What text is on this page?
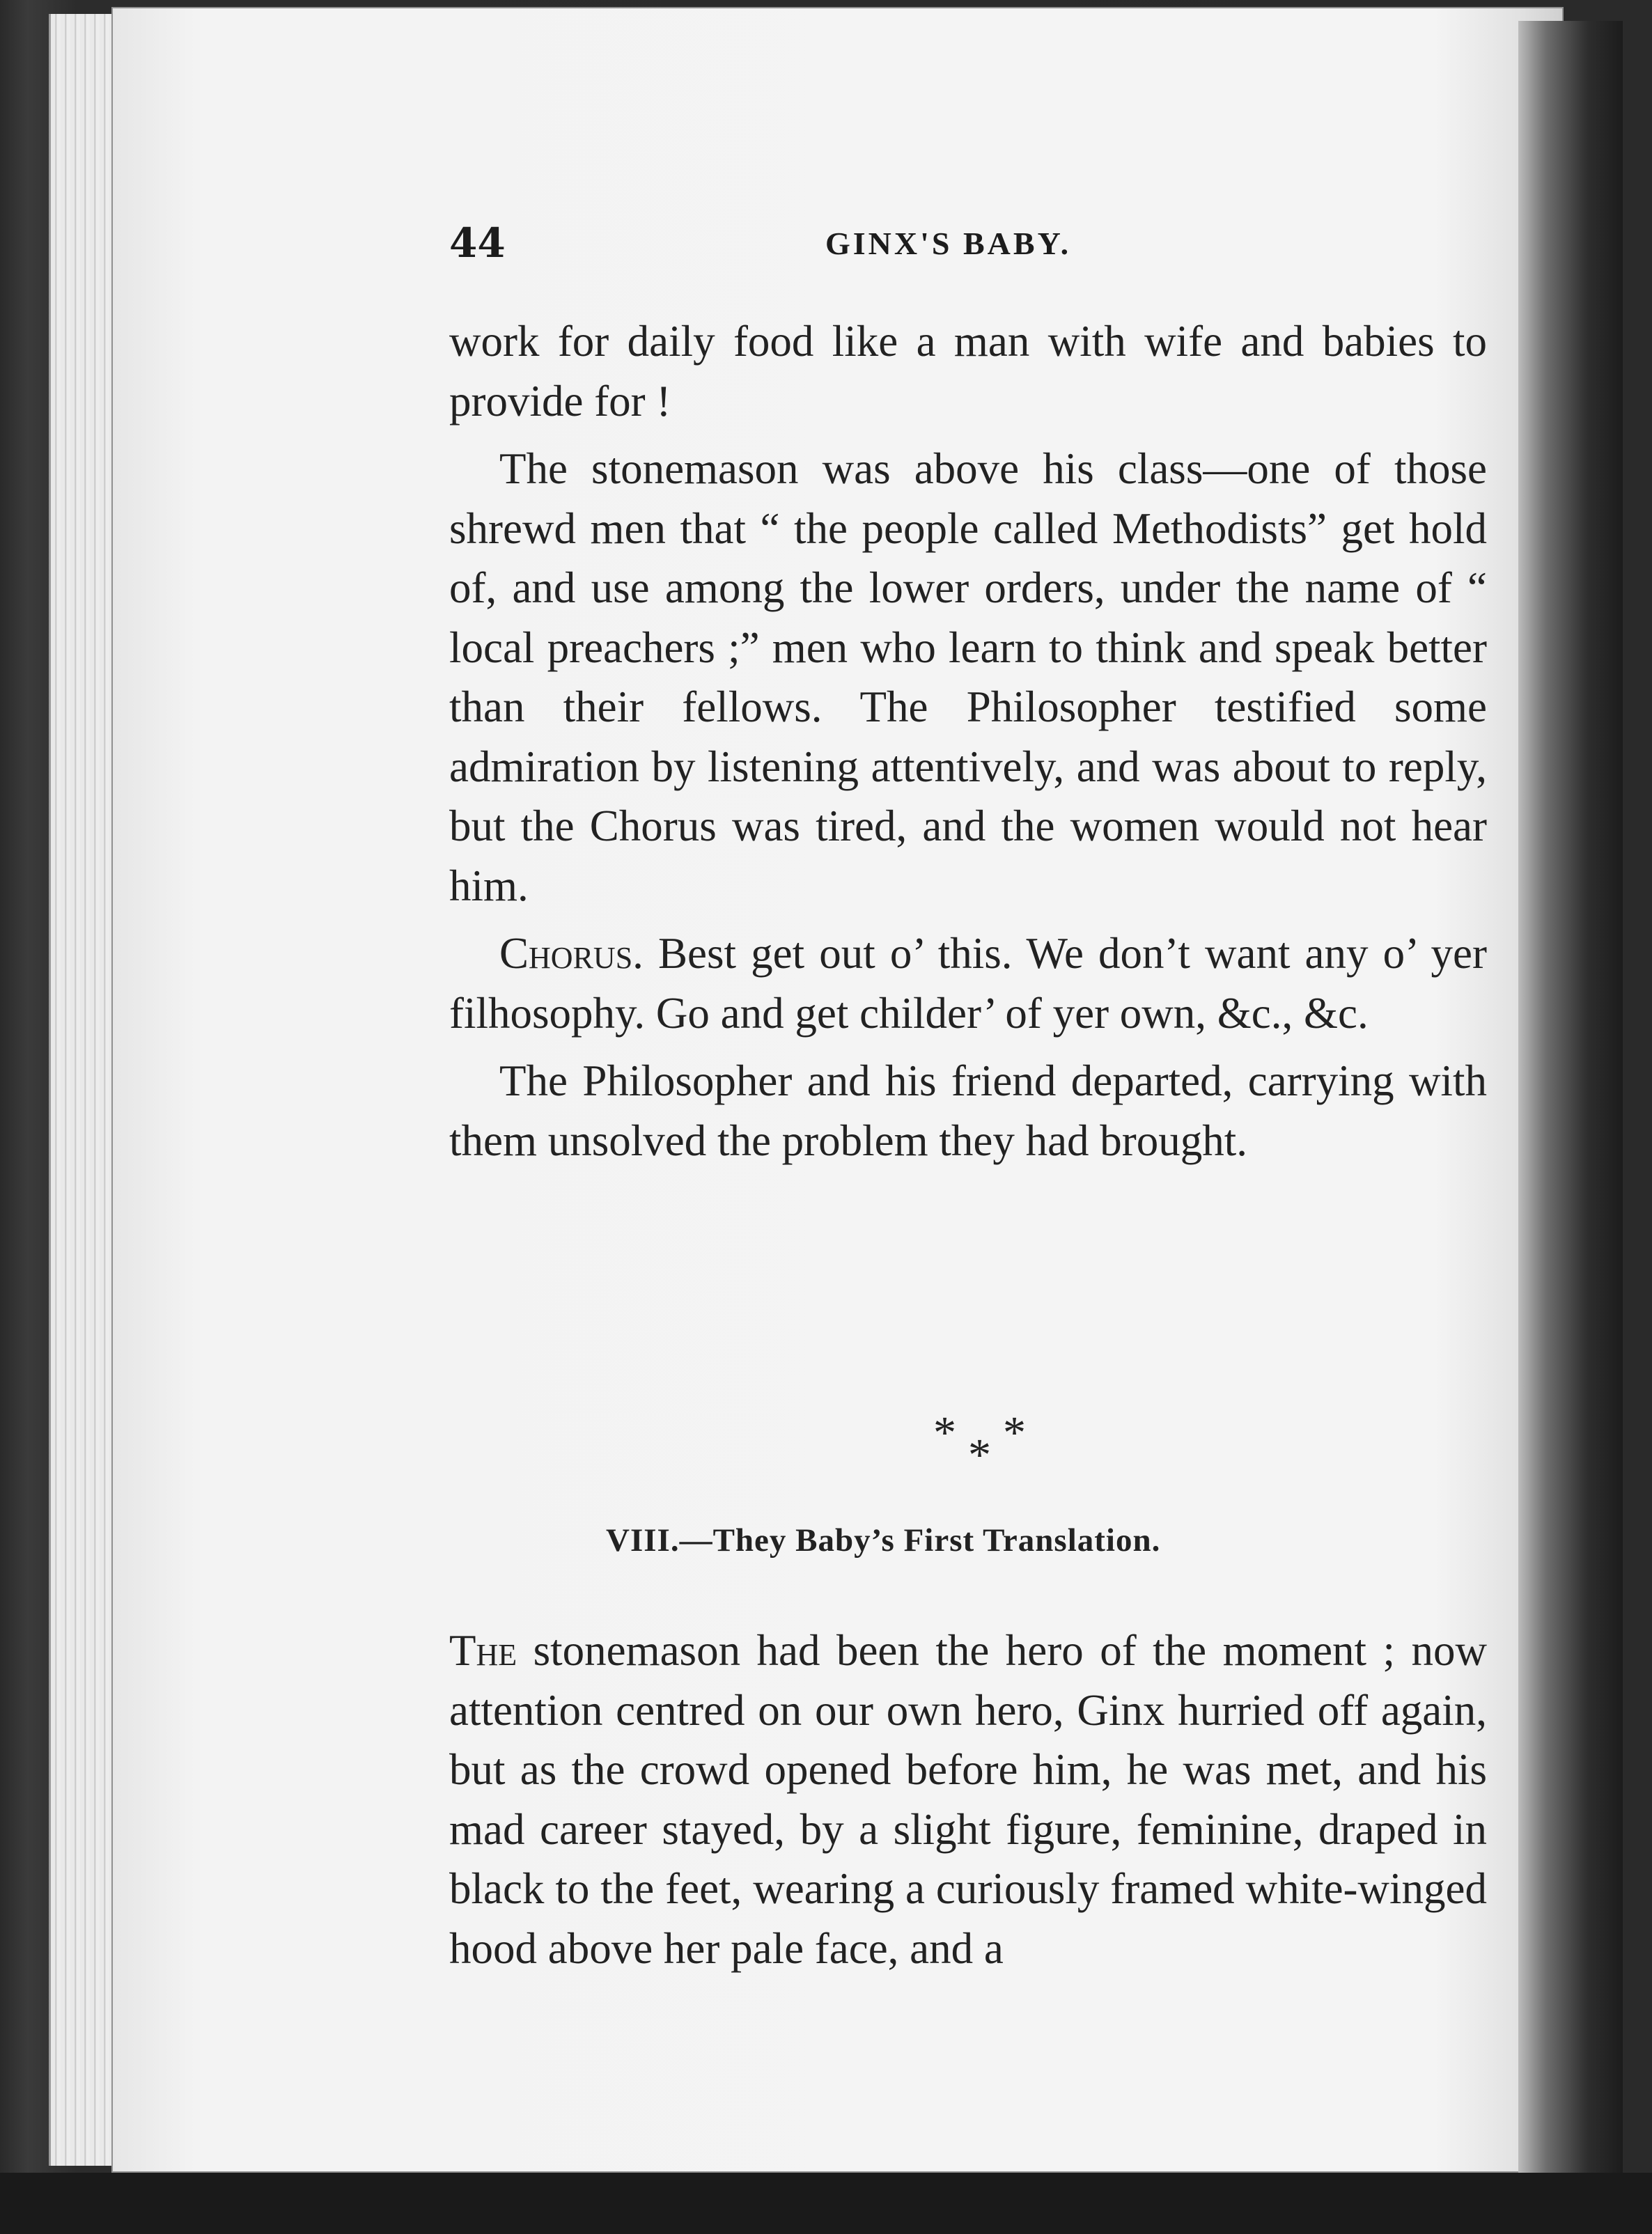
44	GINX'S BABY.

work for daily food like a man with wife and babies to provide for !

The stonemason was above his class—one of those shrewd men that “ the people called Methodists” get hold of, and use among the lower orders, under the name of “ local preachers ;” men who learn to think and speak better than their fellows. The Philosopher testified some admiration by listening attentively, and was about to reply, but the Chorus was tired, and the women would not hear him.

Chorus. Best get out o’ this. We don’t want any o’ yer filhosophy. Go and get childer’ of yer own, &c., &c.

The Philosopher and his friend departed, carrying with them unsolved the problem they had brought.

* * *
VIII.—They Baby’s First Translation.

The stonemason had been the hero of the moment ; now attention centred on our own hero, Ginx hurried off again, but as the crowd opened before him, he was met, and his mad career stayed, by a slight figure, feminine, draped in black to the feet, wearing a curiously framed white-winged hood above her pale face, and a
